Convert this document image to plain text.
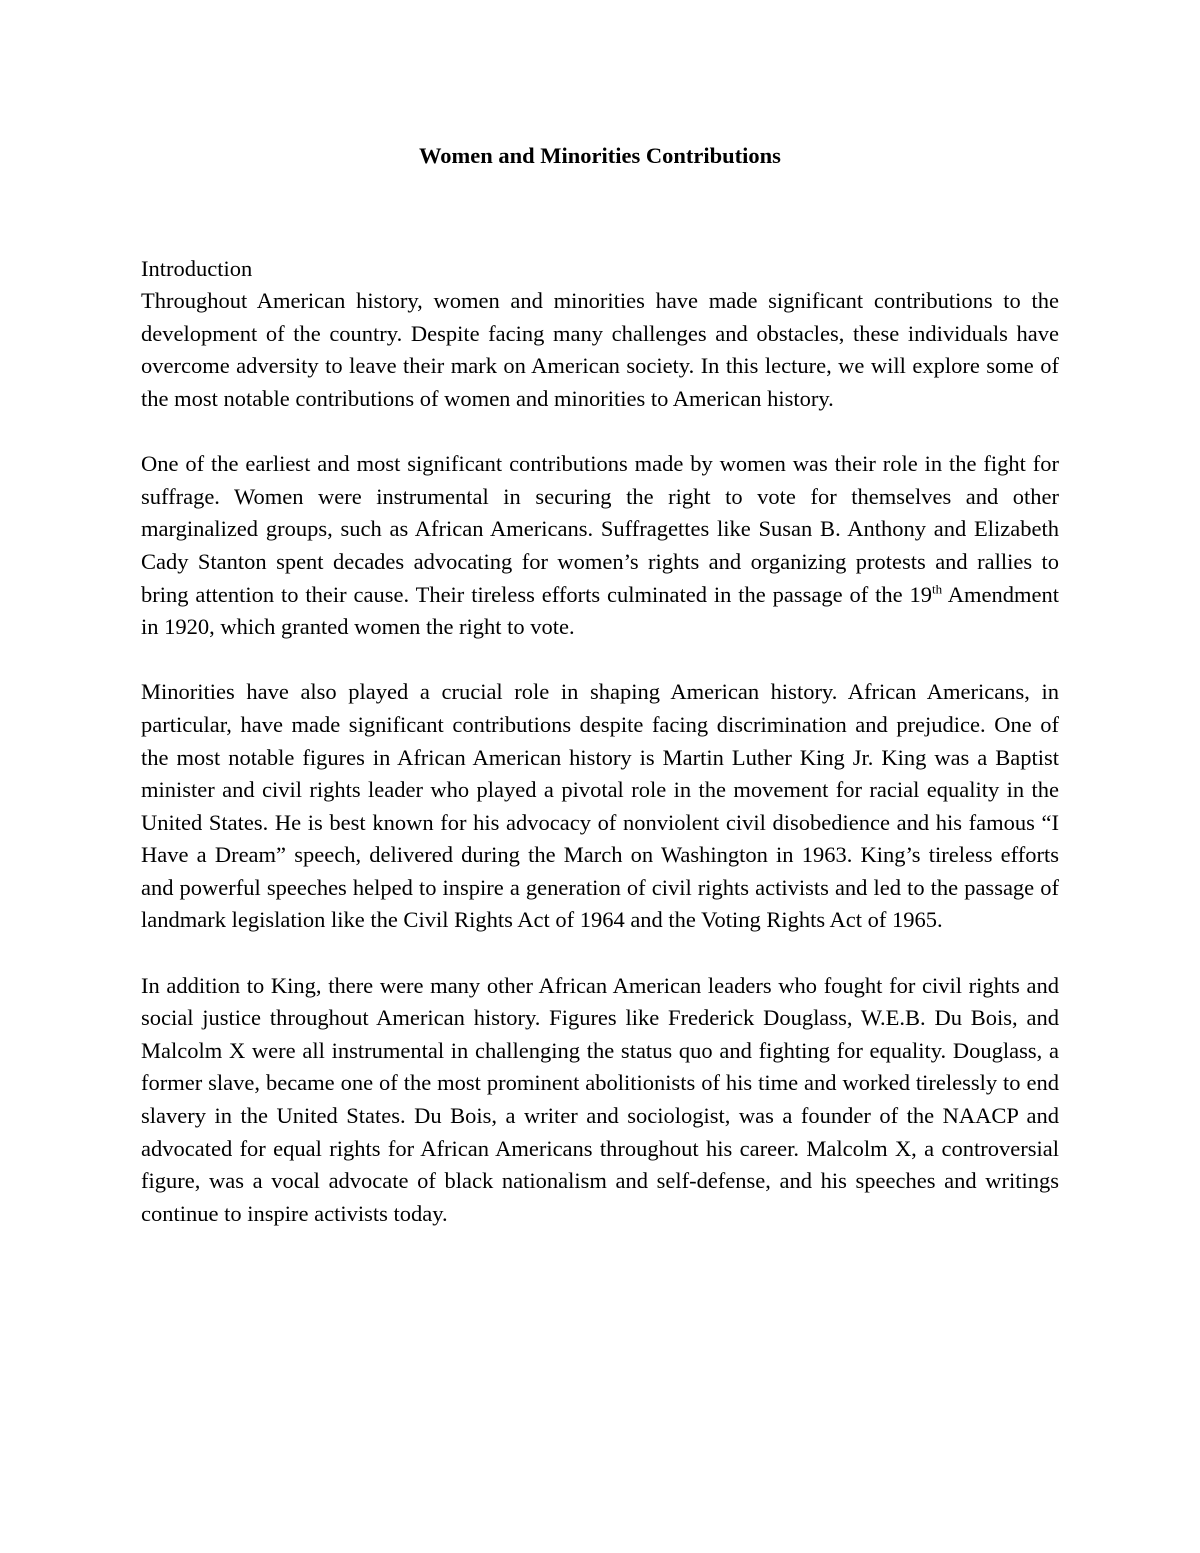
Women and Minorities Contributions

Introduction

Throughout American history, women and minorities have made significant contributions to the development of the country. Despite facing many challenges and obstacles, these individuals have overcome adversity to leave their mark on American society. In this lecture, we will explore some of the most notable contributions of women and minorities to American history.

One of the earliest and most significant contributions made by women was their role in the fight for suffrage. Women were instrumental in securing the right to vote for themselves and other marginalized groups, such as African Americans. Suffragettes like Susan B. Anthony and Elizabeth Cady Stanton spent decades advocating for women’s rights and organizing protests and rallies to bring attention to their cause. Their tireless efforts culminated in the passage of the 19th Amendment in 1920, which granted women the right to vote.

Minorities have also played a crucial role in shaping American history. African Americans, in particular, have made significant contributions despite facing discrimination and prejudice. One of the most notable figures in African American history is Martin Luther King Jr. King was a Baptist minister and civil rights leader who played a pivotal role in the movement for racial equality in the United States. He is best known for his advocacy of nonviolent civil disobedience and his famous “I Have a Dream” speech, delivered during the March on Washington in 1963. King’s tireless efforts and powerful speeches helped to inspire a generation of civil rights activists and led to the passage of landmark legislation like the Civil Rights Act of 1964 and the Voting Rights Act of 1965.

In addition to King, there were many other African American leaders who fought for civil rights and social justice throughout American history. Figures like Frederick Douglass, W.E.B. Du Bois, and Malcolm X were all instrumental in challenging the status quo and fighting for equality. Douglass, a former slave, became one of the most prominent abolitionists of his time and worked tirelessly to end slavery in the United States. Du Bois, a writer and sociologist, was a founder of the NAACP and advocated for equal rights for African Americans throughout his career. Malcolm X, a controversial figure, was a vocal advocate of black nationalism and self-defense, and his speeches and writings continue to inspire activists today.
